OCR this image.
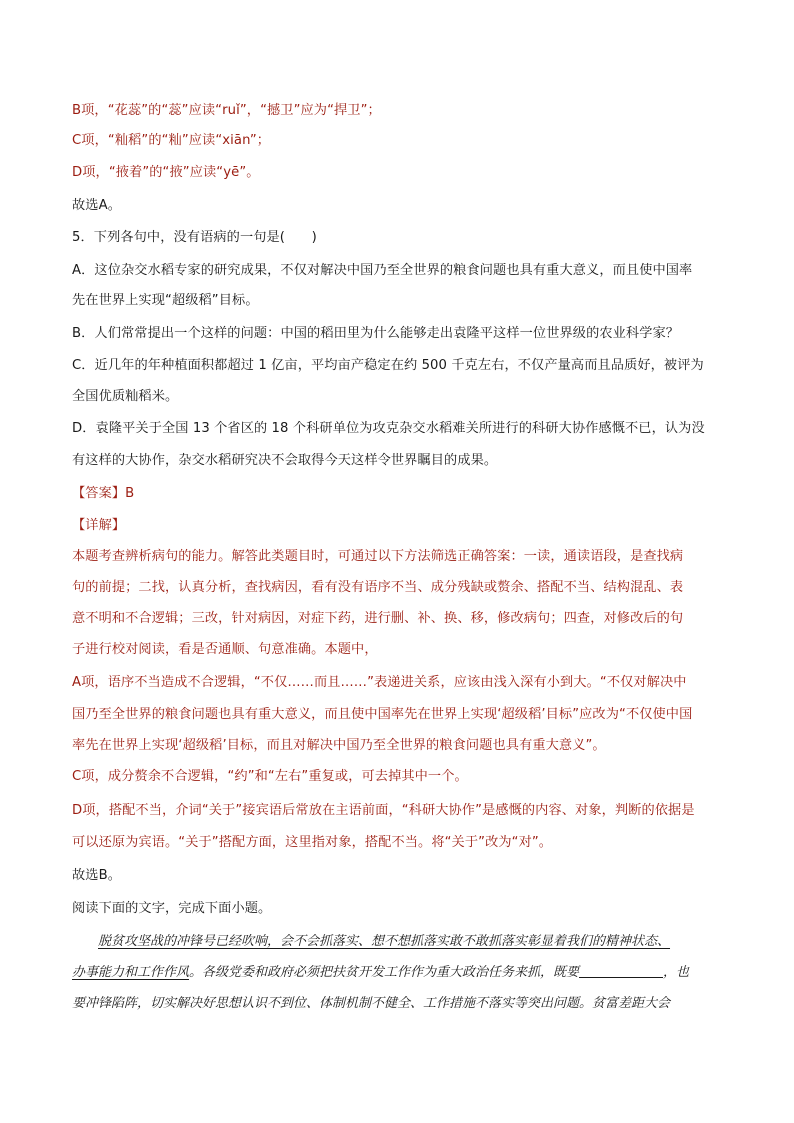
B项，“花蕊”的“蕊”应读“ruǐ”，“撼卫”应为“捍卫”；
C项，“籼稻”的“籼”应读“xiān”；
D项，“掖着”的“掖”应读“yē”。
故选A。
5．下列各句中，没有语病的一句是(　　)
A．这位杂交水稻专家的研究成果，不仅对解决中国乃至全世界的粮食问题也具有重大意义，而且使中国率
先在世界上实现“超级稻”目标。
B．人们常常提出一个这样的问题：中国的稻田里为什么能够走出袁隆平这样一位世界级的农业科学家？
C．近几年的年种植面积都超过 1 亿亩，平均亩产稳定在约 500 千克左右，不仅产量高而且品质好，被评为
全国优质籼稻米。
D．袁隆平关于全国 13 个省区的 18 个科研单位为攻克杂交水稻难关所进行的科研大协作感慨不已，认为没
有这样的大协作，杂交水稻研究决不会取得今天这样令世界瞩目的成果。
【答案】B
【详解】
本题考查辨析病句的能力。解答此类题目时，可通过以下方法筛选正确答案：一读，通读语段，是查找病
句的前提；二找，认真分析，查找病因，看有没有语序不当、成分残缺或赘余、搭配不当、结构混乱、表
意不明和不合逻辑；三改，针对病因，对症下药，进行删、补、换、移，修改病句；四查，对修改后的句
子进行校对阅读，看是否通顺、句意准确。本题中，
A项，语序不当造成不合逻辑，“不仅……而且……”表递进关系，应该由浅入深有小到大。“不仅对解决中
国乃至全世界的粮食问题也具有重大意义，而且使中国率先在世界上实现‘超级稻’目标”应改为“不仅使中国
率先在世界上实现‘超级稻’目标，而且对解决中国乃至全世界的粮食问题也具有重大意义”。
C项，成分赘余不合逻辑，“约”和“左右”重复或，可去掉其中一个。
D项，搭配不当，介词“关于”接宾语后常放在主语前面，“科研大协作”是感慨的内容、对象，判断的依据是
可以还原为宾语。“关于”搭配方面，这里指对象，搭配不当。将“关于”改为“对”。
故选B。
阅读下面的文字，完成下面小题。
脱贫攻坚战的冲锋号已经吹响，会不会抓落实、想不想抓落实敢不敢抓落实彰显着我们的精神状态、
办事能力和工作作风。各级党委和政府必须把扶贫开发工作作为重大政治任务来抓，既要	，也
要冲锋陷阵，切实解决好思想认识不到位、体制机制不健全、工作措施不落实等突出问题。贫富差距大会
